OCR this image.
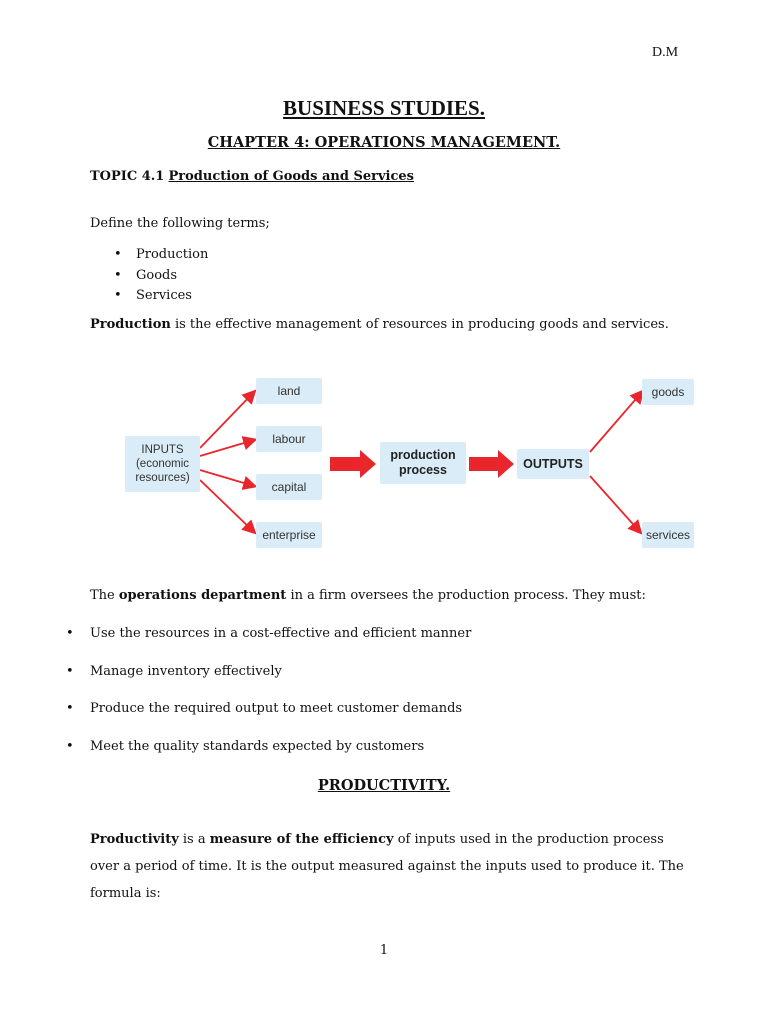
D.M
BUSINESS STUDIES.
CHAPTER 4: OPERATIONS MANAGEMENT.
TOPIC 4.1 Production of Goods and Services
Define the following terms;
• Production
• Goods
• Services
Production is the effective management of resources in producing goods and services.
INPUTS
(economic
resources)
land
labour
capital
enterprise
production
process	OUTPUTS
goods
services
The operations department in a firm oversees the production process. They must:
• Use the resources in a cost-effective and efficient manner
• Manage inventory effectively
• Produce the required output to meet customer demands
• Meet the quality standards expected by customers
PRODUCTIVITY.
Productivity is a measure of the efficiency of inputs used in the production process over a period of time. It is the output measured against the inputs used to produce it. The formula is:
1
